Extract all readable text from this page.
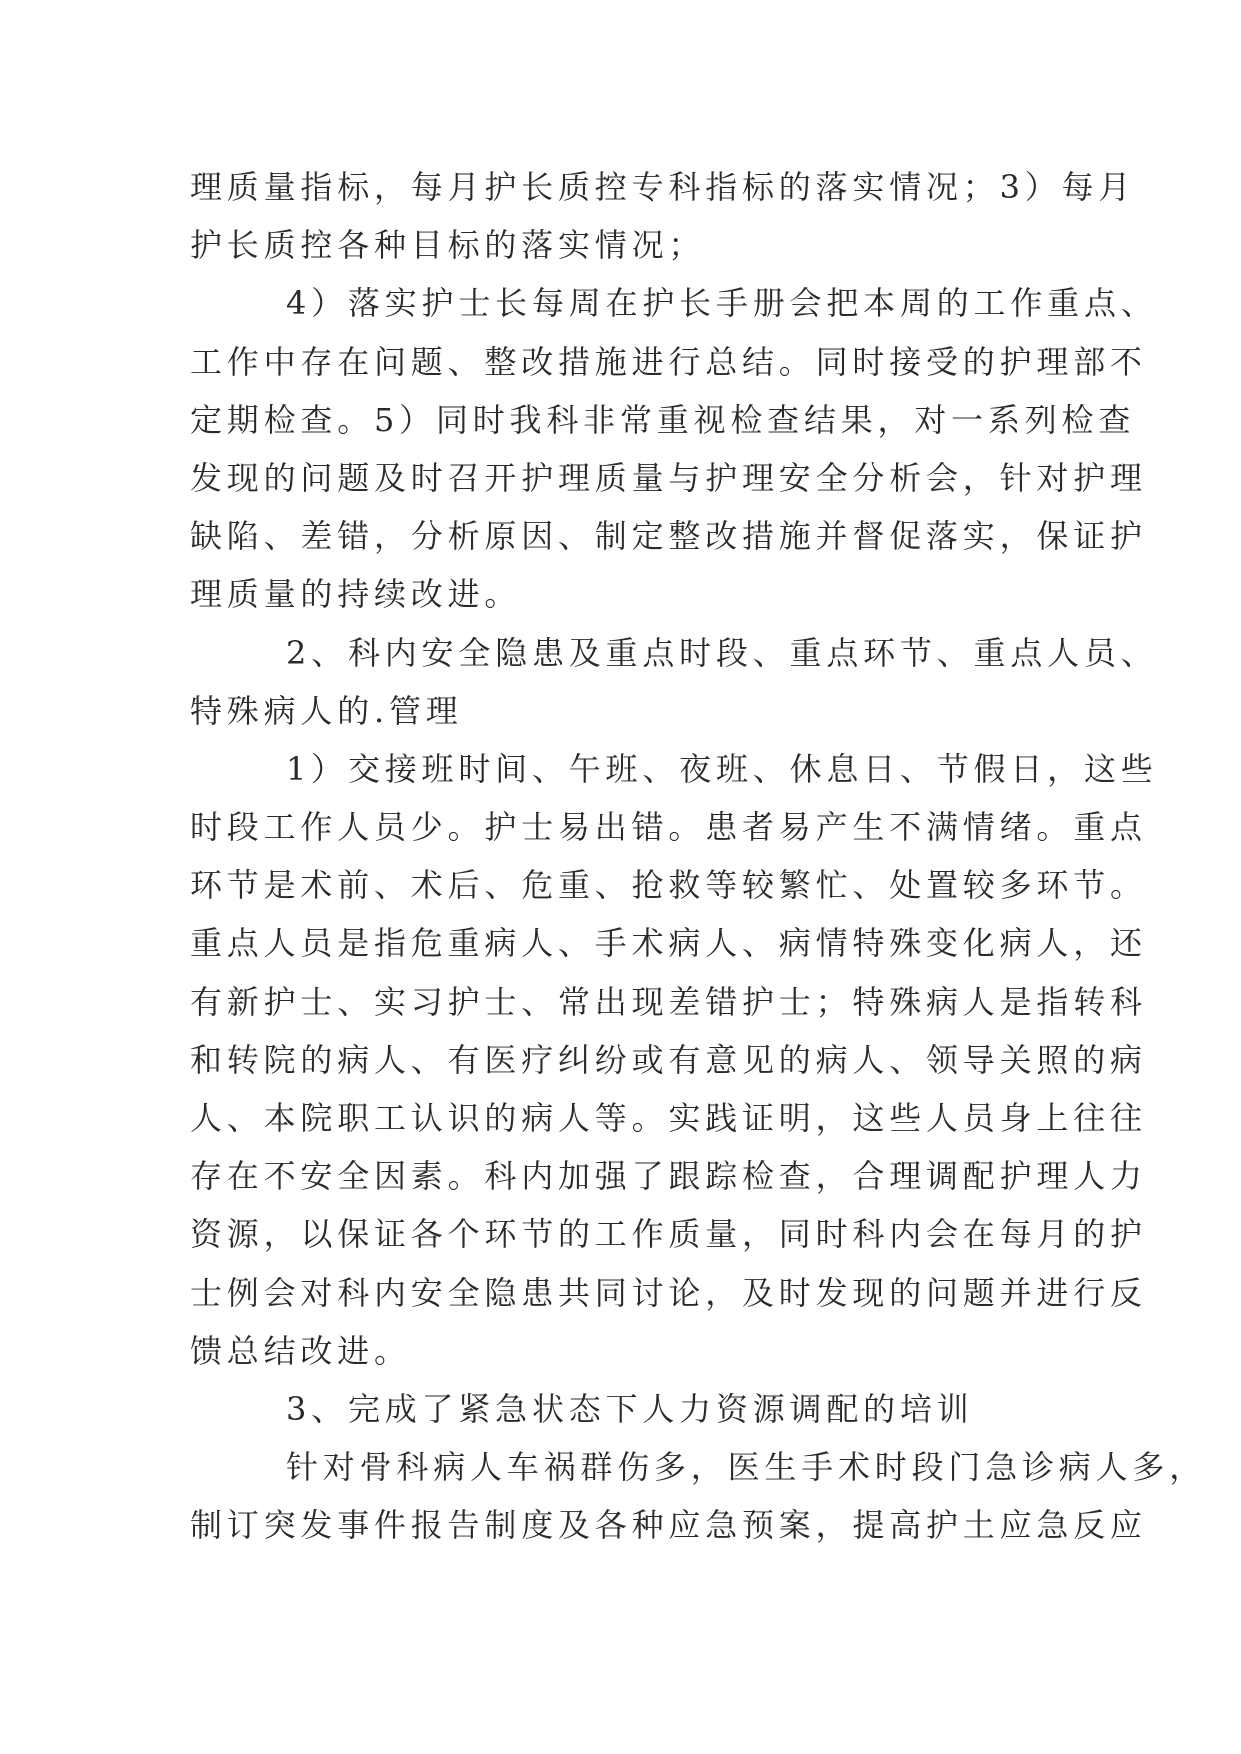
理质量指标，每月护长质控专科指标的落实情况；3）每月
护长质控各种目标的落实情况；
4）落实护士长每周在护长手册会把本周的工作重点、
工作中存在问题、整改措施进行总结。同时接受的护理部不
定期检查。5）同时我科非常重视检查结果，对一系列检查
发现的问题及时召开护理质量与护理安全分析会，针对护理
缺陷、差错，分析原因、制定整改措施并督促落实，保证护
理质量的持续改进。
2、科内安全隐患及重点时段、重点环节、重点人员、
特殊病人的.管理
1）交接班时间、午班、夜班、休息日、节假日，这些
时段工作人员少。护士易出错。患者易产生不满情绪。重点
环节是术前、术后、危重、抢救等较繁忙、处置较多环节。
重点人员是指危重病人、手术病人、病情特殊变化病人，还
有新护士、实习护士、常出现差错护士；特殊病人是指转科
和转院的病人、有医疗纠纷或有意见的病人、领导关照的病
人、本院职工认识的病人等。实践证明，这些人员身上往往
存在不安全因素。科内加强了跟踪检查，合理调配护理人力
资源，以保证各个环节的工作质量，同时科内会在每月的护
士例会对科内安全隐患共同讨论，及时发现的问题并进行反
馈总结改进。
3、完成了紧急状态下人力资源调配的培训
针对骨科病人车祸群伤多，医生手术时段门急诊病人多，
制订突发事件报告制度及各种应急预案，提高护土应急反应
